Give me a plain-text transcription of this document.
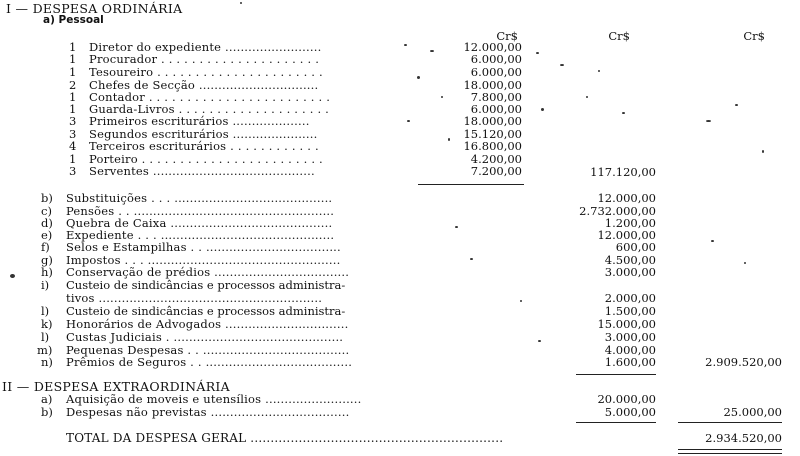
I — DESPESA ORDINÁRIA
a) Pessoal
Cr$	Cr$	Cr$
1 Diretor do expediente .........................	12.000,00
1 Procurador . . . . . . . . . . . . . . . . . . . . .	6.000,00
1 Tesoureiro . . . . . . . . . . . . . . . . . . . . . .	6.000,00
2 Chefes de Secção ...............................	18.000,00
1 Contador . . . . . . . . . . . . . . . . . . . . . . . .	7.800,00
1 Guarda-Livros . . . . . . . . . . . . . . . . . . . .	6.000,00
3 Primeiros escriturários ....................	18.000,00
3 Segundos escriturários ......................	15.120,00
4 Terceiros escriturários . . . . . . . . . . . .	16.800,00
1 Porteiro . . . . . . . . . . . . . . . . . . . . . . . .	4.200,00
3 Serventes ..........................................	7.200,00	117.120,00
b) Substituições . . . .........................................	12.000,00
c) Pensões . . ....................................................	2.732.000,00
d) Quebra de Caixa ..........................................	1.200,00
e) Expediente . . . .............................................	12.000,00
f) Selos e Estampilhas . . ...................................	600,00
g) Impostos . . . ..................................................	4.500,00
h) Conservação de prédios ...................................	3.000,00
i) Custeio de sindicâncias e processos administra-
tivos ..........................................................	2.000,00
l) Custeio de sindicâncias e processos administra-	1.500,00
k) Honorários de Advogados ................................	15.000,00
l) Custas Judiciais . ............................................	3.000,00
m) Pequenas Despesas . . ......................................	4.000,00
n) Prêmios de Seguros . . ......................................	1.600,00	2.909.520,00
II — DESPESA EXTRAORDINÁRIA
a) Aquisição de moveis e utensílios .........................	20.000,00
b) Despesas não previstas ....................................	5.000,00	25.000,00
TOTAL DA DESPESA GERAL ...............................................................	2.934.520,00
